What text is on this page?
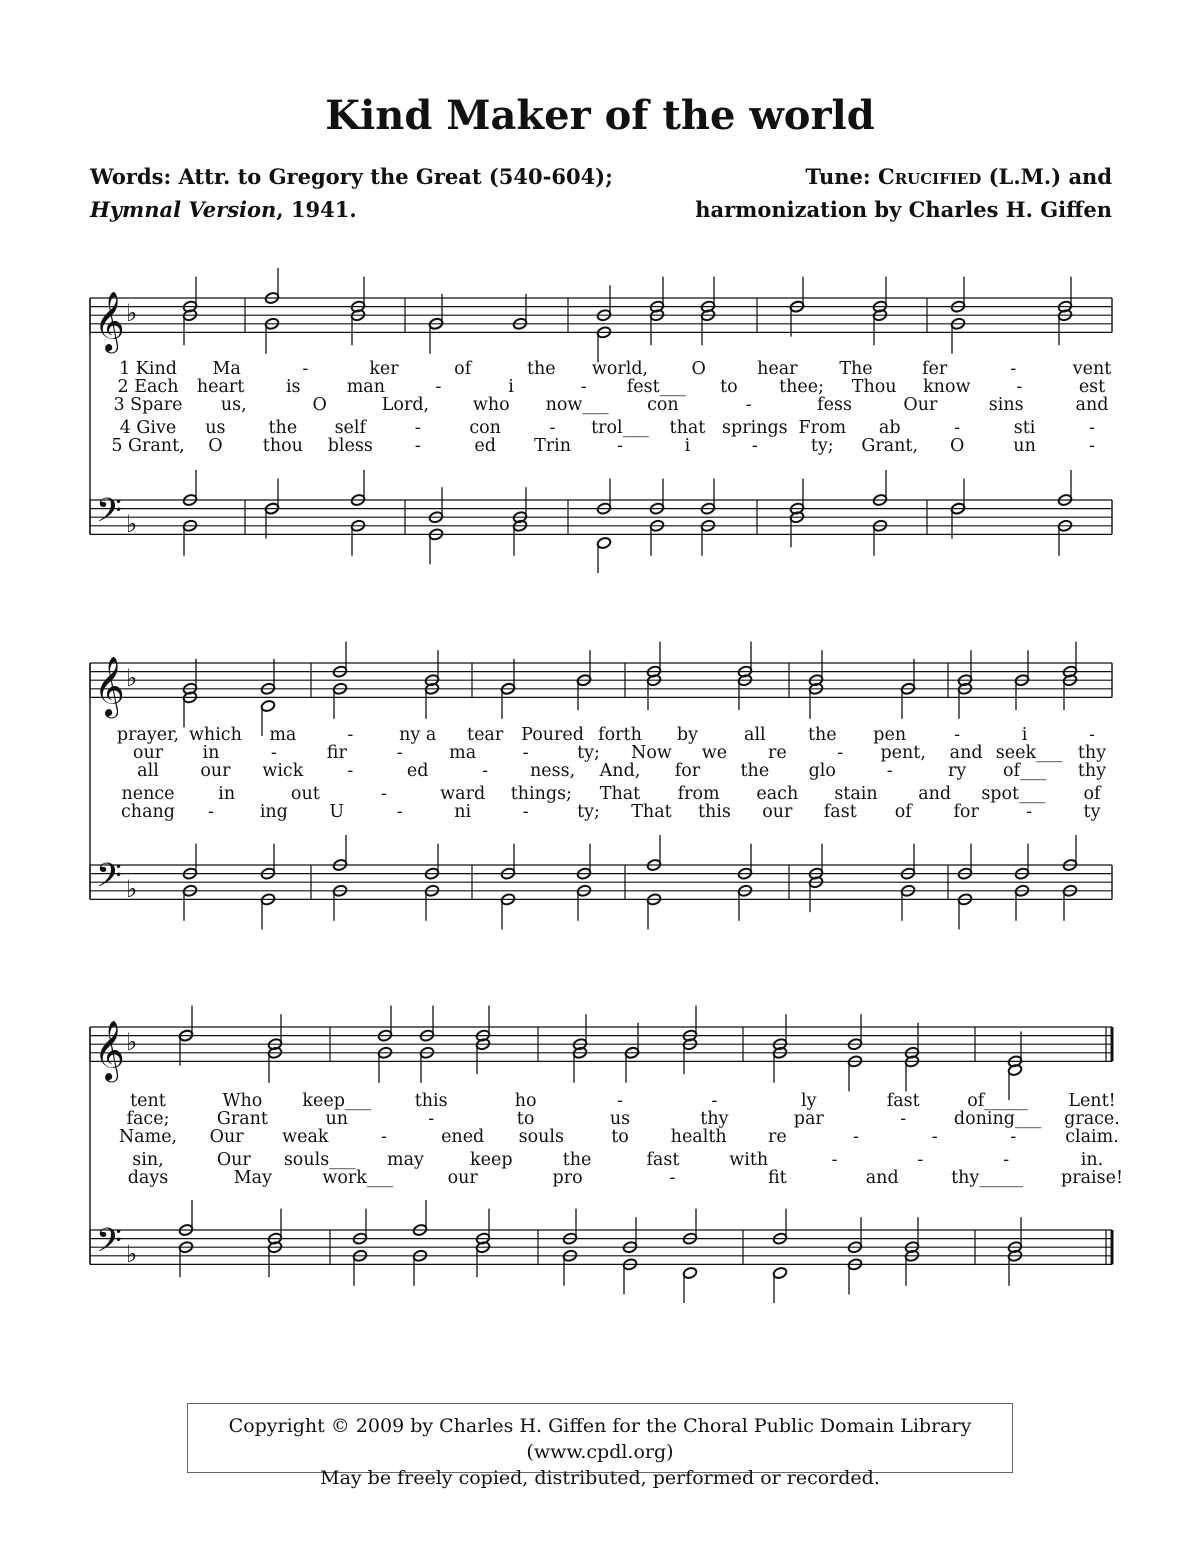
Kind Maker of the world
Words: Attr. to Gregory the Great (540-604);
Hymnal Version, 1941.
Tune: Crucified (L.M.) and
harmonization by Charles H. Giffen
𝄞
𝄢
♭
♭
𝄞
𝄢
♭
♭
𝄞
𝄢
♭
♭
1 Kind Ma	-	ker	of	the world, O	hear The	fer	-	vent
2 Each heart is	man	-	i	- fest___ to thee; Thou know	-	est
3 Spare us,	O	Lord,	who now___ con	-	fess	Our	sins	and
4 Give us the self	-	con	- trol___ that springs From ab	-	sti	-
5 Grant, O thou bless -	ed Trin	-	i	-	ty; Grant, O	un	-
prayer, which ma	-	ny a tear Poured forth by	all the pen	-	i	-
our in	-	fir	-	ma	-	ty; Now we re	- pent, and seek___ thy
all our wick	-	ed	- ness, And, for the glo	-	ry of___ thy
nence in	out	-	ward things; That from each stain and spot___ of
chang -	ing U	-	ni	-	ty; That this our fast of for	-	ty
tent	Who keep___ this	ho	-	-	ly	fast	of_____ Lent!
face;	Grant	un	-	to	us	thy	par	-	doning___ grace.
Name, Our weak	-	ened souls	to health re	-	-	-	claim.
sin,	Our souls___ may	keep	the	fast	with	-	-	-	in.
days	May	work___	our	pro	-	fit	and	thy_____ praise!
Copyright © 2009 by Charles H. Giffen for the Choral Public Domain Library (www.cpdl.org)
May be freely copied, distributed, performed or recorded.
